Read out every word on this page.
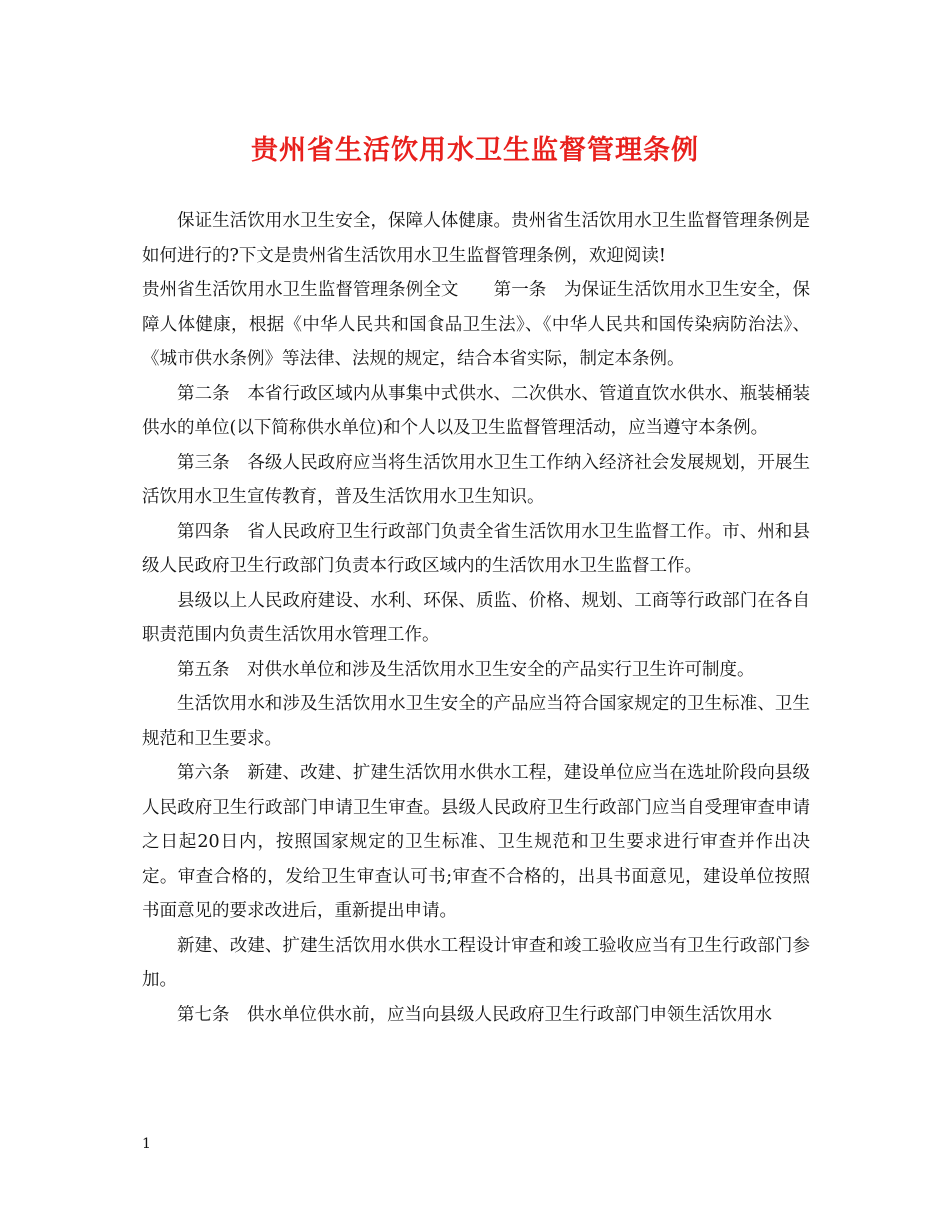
贵州省生活饮用水卫生监督管理条例

保证生活饮用水卫生安全，保障人体健康。贵州省生活饮用水卫生监督管理条例是如何进行的?下文是贵州省生活饮用水卫生监督管理条例，欢迎阅读!

贵州省生活饮用水卫生监督管理条例全文　　第一条　为保证生活饮用水卫生安全，保障人体健康，根据《中华人民共和国食品卫生法》、《中华人民共和国传染病防治法》、《城市供水条例》等法律、法规的规定，结合本省实际，制定本条例。

第二条　本省行政区域内从事集中式供水、二次供水、管道直饮水供水、瓶装桶装供水的单位(以下简称供水单位)和个人以及卫生监督管理活动，应当遵守本条例。

第三条　各级人民政府应当将生活饮用水卫生工作纳入经济社会发展规划，开展生活饮用水卫生宣传教育，普及生活饮用水卫生知识。

第四条　省人民政府卫生行政部门负责全省生活饮用水卫生监督工作。市、州和县级人民政府卫生行政部门负责本行政区域内的生活饮用水卫生监督工作。

县级以上人民政府建设、水利、环保、质监、价格、规划、工商等行政部门在各自职责范围内负责生活饮用水管理工作。

第五条　对供水单位和涉及生活饮用水卫生安全的产品实行卫生许可制度。

生活饮用水和涉及生活饮用水卫生安全的产品应当符合国家规定的卫生标准、卫生规范和卫生要求。

第六条　新建、改建、扩建生活饮用水供水工程，建设单位应当在选址阶段向县级人民政府卫生行政部门申请卫生审查。县级人民政府卫生行政部门应当自受理审查申请之日起20日内，按照国家规定的卫生标准、卫生规范和卫生要求进行审查并作出决定。审查合格的，发给卫生审查认可书;审查不合格的，出具书面意见，建设单位按照书面意见的要求改进后，重新提出申请。

新建、改建、扩建生活饮用水供水工程设计审查和竣工验收应当有卫生行政部门参加。

第七条　供水单位供水前，应当向县级人民政府卫生行政部门申领生活饮用水

1
